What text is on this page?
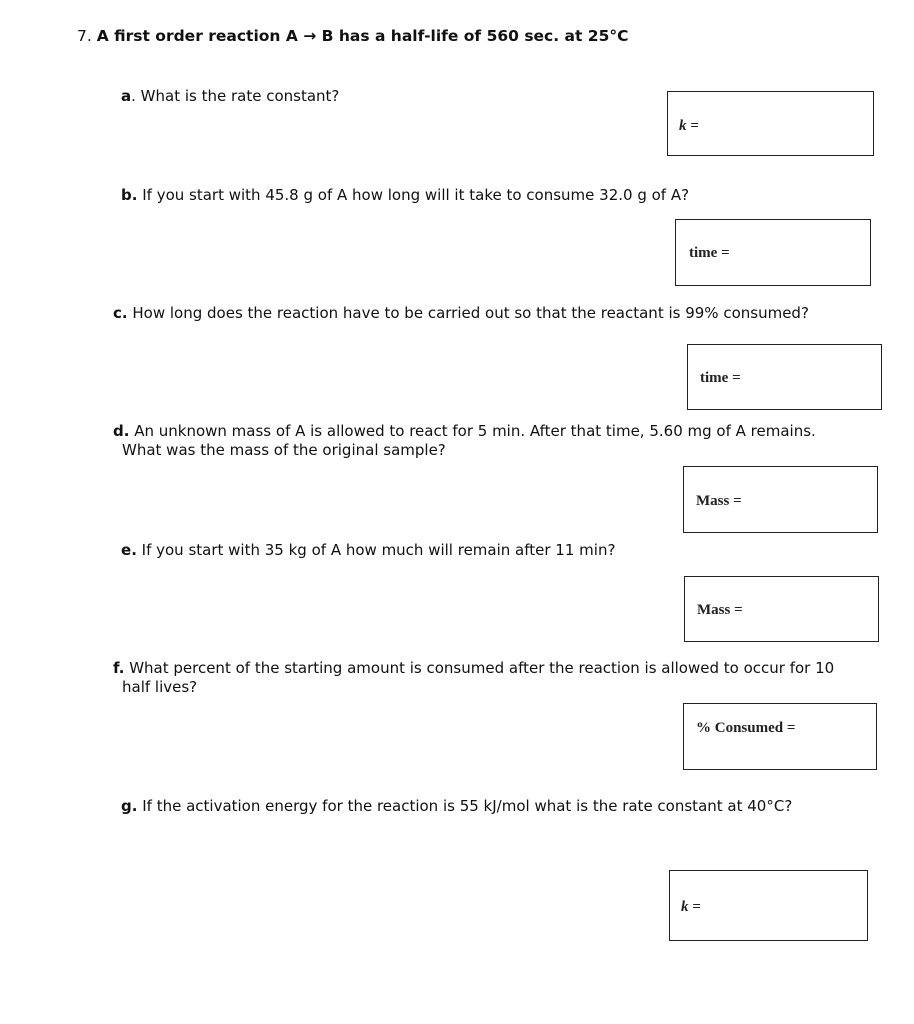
7. A first order reaction A → B has a half-life of 560 sec. at 25°C
a. What is the rate constant?
k =
b. If you start with 45.8 g of A how long will it take to consume 32.0 g of A?
time =
c. How long does the reaction have to be carried out so that the reactant is 99% consumed?
time =
d. An unknown mass of A is allowed to react for 5 min. After that time, 5.60 mg of A remains.
What was the mass of the original sample?
Mass =
e. If you start with 35 kg of A how much will remain after 11 min?
Mass =
f. What percent of the starting amount is consumed after the reaction is allowed to occur for 10
half lives?
% Consumed =
g. If the activation energy for the reaction is 55 kJ/mol what is the rate constant at 40°C?
k =
